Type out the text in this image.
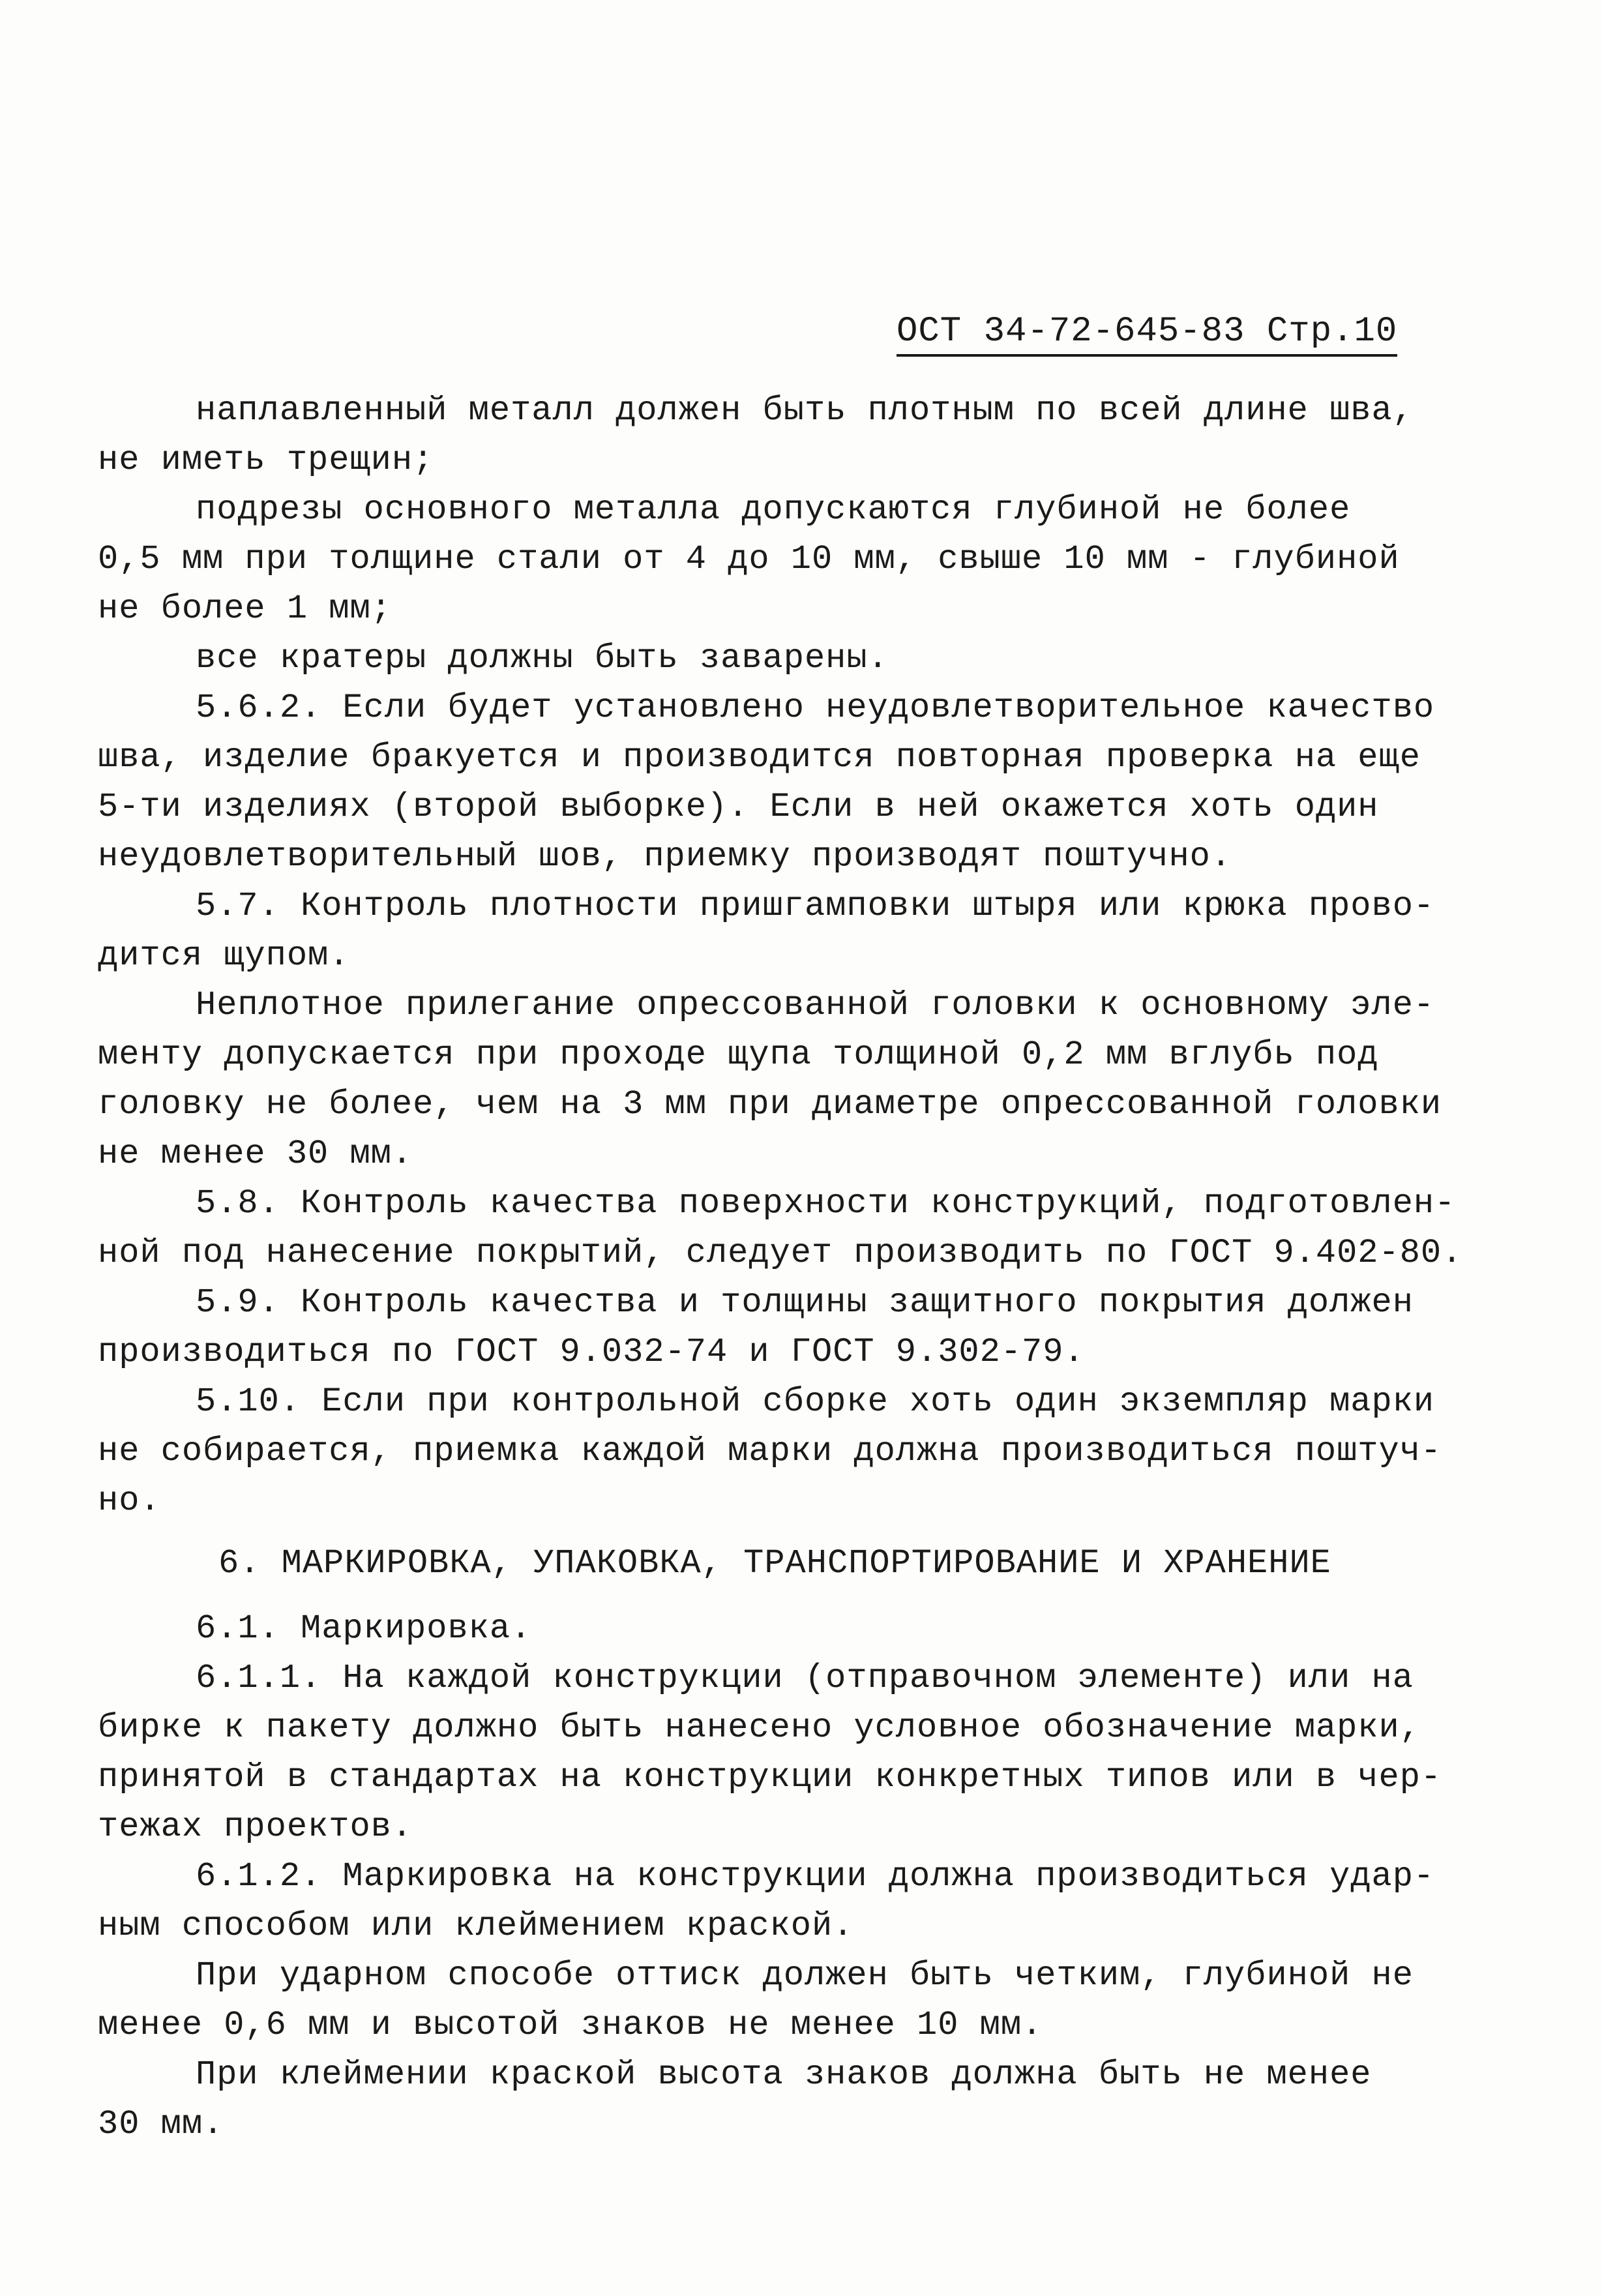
ОСТ 34-72-645-83 Стр.10
наплавленный металл должен быть плотным по всей длине шва,
не иметь трещин;
подрезы основного металла допускаются глубиной не более
0,5 мм при толщине стали от 4 до 10 мм, свыше 10 мм - глубиной
не более 1 мм;
все кратеры должны быть заварены.
5.6.2. Если будет установлено неудовлетворительное качество
шва, изделие бракуется и производится повторная проверка на еще
5-ти изделиях (второй выборке). Если в ней окажется хоть один
неудовлетворительный шов, приемку производят поштучно.
5.7. Контроль плотности пришгамповки штыря или крюка прово-
дится щупом.
Неплотное прилегание опрессованной головки к основному эле-
менту допускается при проходе щупа толщиной 0,2 мм вглубь под
головку не более, чем на 3 мм при диаметре опрессованной головки
не менее 30 мм.
5.8. Контроль качества поверхности конструкций, подготовлен-
ной под нанесение покрытий, следует производить по ГОСТ 9.402-80.
5.9. Контроль качества и толщины защитного покрытия должен
производиться по ГОСТ 9.032-74 и ГОСТ 9.302-79.
5.10. Если при контрольной сборке хоть один экземпляр марки
не собирается, приемка каждой марки должна производиться поштуч-
но.
6. МАРКИРОВКА, УПАКОВКА, ТРАНСПОРТИРОВАНИЕ И ХРАНЕНИЕ
6.1. Маркировка.
6.1.1. На каждой конструкции (отправочном элементе) или на
бирке к пакету должно быть нанесено условное обозначение марки,
принятой в стандартах на конструкции конкретных типов или в чер-
тежах проектов.
6.1.2. Маркировка на конструкции должна производиться удар-
ным способом или клеймением краской.
При ударном способе оттиск должен быть четким, глубиной не
менее 0,6 мм и высотой знаков не менее 10 мм.
При клеймении краской высота знаков должна быть не менее
30 мм.
